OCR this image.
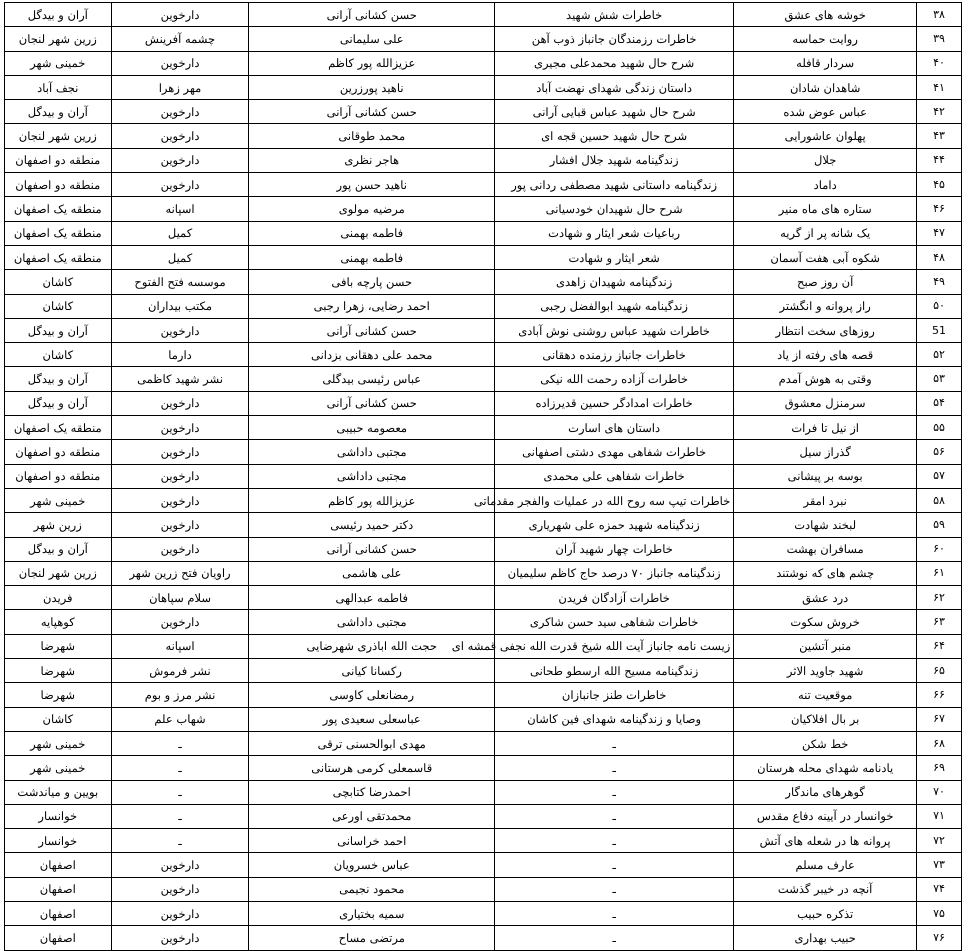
۳۸	خوشه های عشق	خاطرات شش شهید	حسن کشانی آرانی	دارخوین	آران و بیدگل
۳۹	روایت حماسه	خاطرات رزمندگان جانباز ذوب آهن	علی سلیمانی	چشمه آفرینش	زرین شهر لنجان
۴۰	سردار قافله	شرح حال شهید محمدعلی مجیری	عزیزالله پور کاظم	دارخوین	خمینی شهر
۴۱	شاهدان شادان	داستان زندگی شهدای نهضت آباد	ناهید پورزرین	مهر زهرا	نجف آباد
۴۲	عباس عوض شده	شرح حال شهید عباس قبایی آرانی	حسن کشانی آرانی	دارخوین	آران و بیدگل
۴۳	پهلوان عاشورایی	شرح حال شهید حسین قجه ای	محمد طوقانی	دارخوین	زرین شهر لنجان
۴۴	جلال	زندگینامه شهید جلال افشار	هاجر نظری	دارخوین	منطقه دو اصفهان
۴۵	داماد	زندگینامه داستانی شهید مصطفی ردانی پور	ناهید حسن پور	دارخوین	منطقه دو اصفهان
۴۶	ستاره های ماه منیر	شرح حال شهیدان خودسیانی	مرضیه مولوی	اسپانه	منطقه یک اصفهان
۴۷	یک شانه پر از گریه	رباعیات شعر ایثار و شهادت	فاطمه بهمنی	کمیل	منطقه یک اصفهان
۴۸	شکوه آبی هفت آسمان	شعر ایثار و شهادت	فاطمه بهمنی	کمیل	منطقه یک اصفهان
۴۹	آن روز صبح	زندگینامه شهیدان زاهدی	حسن پارچه بافی	موسسه فتح الفتوح	کاشان
۵۰	راز پروانه و انگشتر	زندگینامه شهید ابوالفضل رجبی	احمد رضایی، زهرا رجبی	مکتب بیداران	کاشان
51	روزهای سخت انتظار	خاطرات شهید عباس روشنی نوش آبادی	حسن کشانی آرانی	دارخوین	آران و بیدگل
۵۲	قصه های رفته از یاد	خاطرات جانباز رزمنده دهقانی	محمد علی دهقانی بزدانی	دارما	کاشان
۵۳	وقتی به هوش آمدم	خاطرات آزاده رحمت الله نیکی	عباس رئیسی بیدگلی	نشر شهید کاظمی	آران و بیدگل
۵۴	سرمنزل معشوق	خاطرات امدادگر حسین قدیرزاده	حسن کشانی آرانی	دارخوین	آران و بیدگل
۵۵	از نیل تا فرات	داستان های اسارت	معصومه حبیبی	دارخوین	منطقه یک اصفهان
۵۶	گذراز سیل	خاطرات شفاهی مهدی دشتی اصفهانی	مجتبی داداشی	دارخوین	منطقه دو اصفهان
۵۷	بوسه بر پیشانی	خاطرات شفاهی علی محمدی	مجتبی داداشی	دارخوین	منطقه دو اصفهان
۵۸	نبرد امقر	خاطرات تیپ سه روح الله در عملیات والفجر مقدماتی	عزیزالله پور کاظم	دارخوین	خمینی شهر
۵۹	لبخند شهادت	زندگینامه شهید حمزه علی شهریاری	دکتر حمید رئیسی	دارخوین	زرین شهر
۶۰	مسافران بهشت	خاطرات چهار شهید آران	حسن کشانی آرانی	دارخوین	آران و بیدگل
۶۱	چشم های که نوشتند	زندگینامه جانباز ۷۰ درصد حاج کاظم سلیمیان	علی هاشمی	راویان فتح زرین شهر	زرین شهر لنجان
۶۲	درد عشق	خاطرات آزادگان فریدن	فاطمه عبدالهی	سلام سپاهان	فریدن
۶۳	خروش سکوت	خاطرات شفاهی سید حسن شاکری	مجتبی داداشی	دارخوین	کوهپایه
۶۴	منبر آتشین	زیست نامه جانباز آیت الله شیخ قدرت الله نجفی قمشه ای	حجت الله اباذری شهرضایی	اسپانه	شهرضا
۶۵	شهید جاوید الاثر	زندگینامه مسیح الله ارسطو طحانی	رکسانا کیانی	نشر فرموش	شهرضا
۶۶	موقعیت تنه	خاطرات طنز جانبازان	رمضانعلی کاوسی	نشر مرز و بوم	شهرضا
۶۷	بر بال افلاکیان	وصایا و زندگینامه شهدای فین کاشان	عباسعلی سعیدی پور	شهاب علم	کاشان
۶۸	خط شکن	ـ	مهدی ابوالحسنی ترقی	ـ	خمینی شهر
۶۹	یادنامه شهدای محله هرستان	ـ	قاسمعلی کرمی هرستانی	ـ	خمینی شهر
۷۰	گوهرهای ماندگار	ـ	احمدرضا کتابچی	ـ	بویین و میاندشت
۷۱	خوانسار در آیینه دفاع مقدس	ـ	محمدتقی اورعی	ـ	خوانسار
۷۲	پروانه ها در شعله های آتش	ـ	احمد خراسانی	ـ	خوانسار
۷۳	عارف مسلم	ـ	عباس خسرویان	دارخوین	اصفهان
۷۴	آنچه در خیبر گذشت	ـ	محمود نجیمی	دارخوین	اصفهان
۷۵	تذکره حبیب	ـ	سمیه بختیاری	دارخوین	اصفهان
۷۶	حبیب بهداری	ـ	مرتضی مساح	دارخوین	اصفهان
